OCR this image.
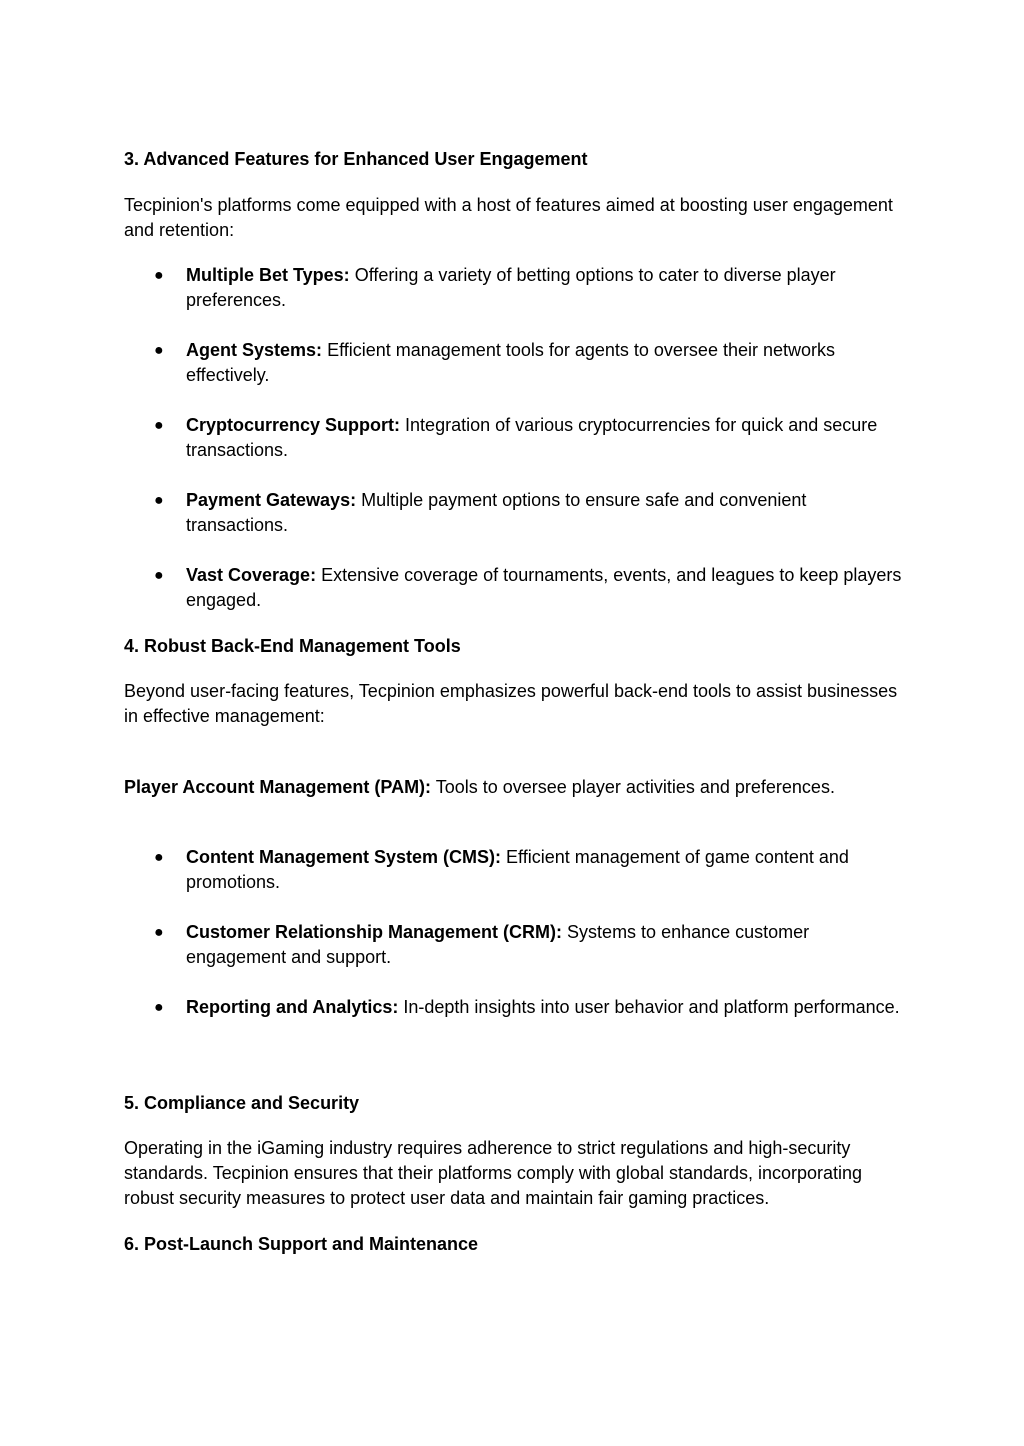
3. Advanced Features for Enhanced User Engagement
Tecpinion's platforms come equipped with a host of features aimed at boosting user engagement and retention:
● Multiple Bet Types: Offering a variety of betting options to cater to diverse player preferences.
● Agent Systems: Efficient management tools for agents to oversee their networks effectively.
● Cryptocurrency Support: Integration of various cryptocurrencies for quick and secure transactions.
● Payment Gateways: Multiple payment options to ensure safe and convenient transactions.
● Vast Coverage: Extensive coverage of tournaments, events, and leagues to keep players engaged.
4. Robust Back-End Management Tools
Beyond user-facing features, Tecpinion emphasizes powerful back-end tools to assist businesses in effective management:
Player Account Management (PAM): Tools to oversee player activities and preferences.
● Content Management System (CMS): Efficient management of game content and promotions.
● Customer Relationship Management (CRM): Systems to enhance customer engagement and support.
● Reporting and Analytics: In-depth insights into user behavior and platform performance.
5. Compliance and Security
Operating in the iGaming industry requires adherence to strict regulations and high-security standards. Tecpinion ensures that their platforms comply with global standards, incorporating robust security measures to protect user data and maintain fair gaming practices.
6. Post-Launch Support and Maintenance
